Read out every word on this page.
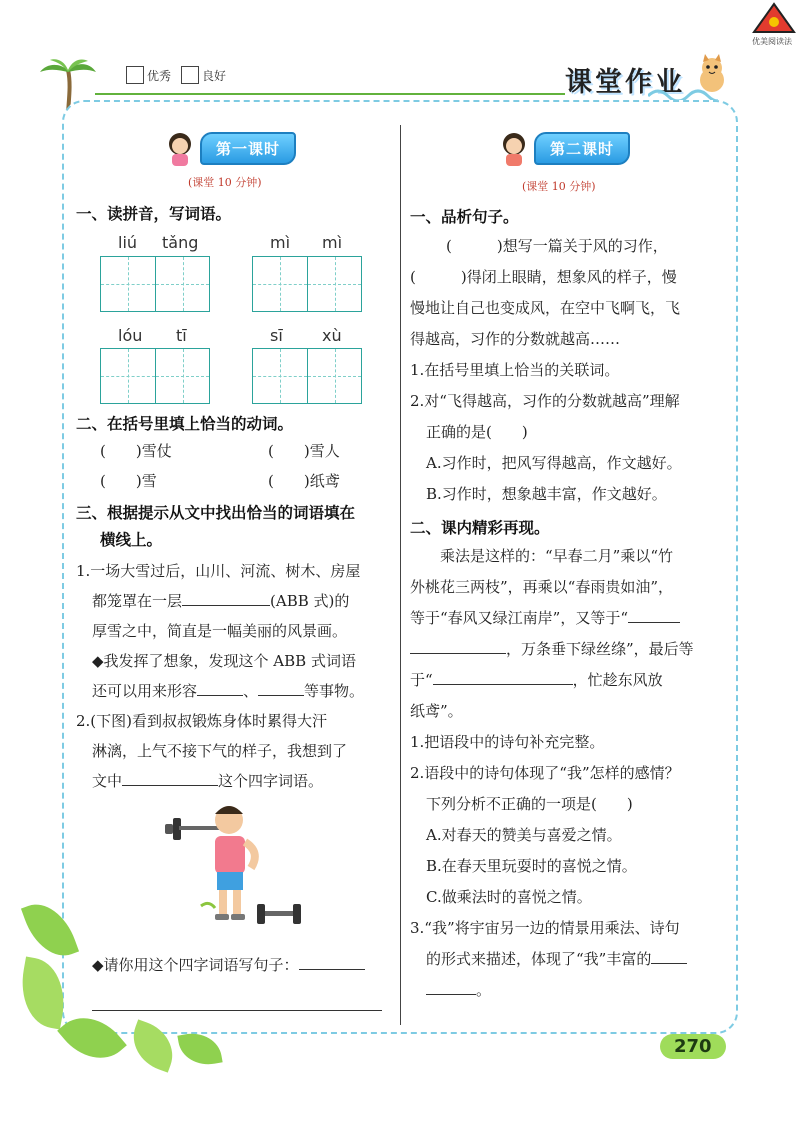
优秀	良好	课堂作业
优美阅读法
第一课时
(课堂 10 分钟)
一、读拼音，写词语。
liú tǎng	mì mì
lóu tī	sī xù
二、在括号里填上恰当的动词。
(　　)雪仗	(　　)雪人
(　　)雪	(　　)纸鸢
三、根据提示从文中找出恰当的词语填在
横线上。
1.一场大雪过后，山川、河流、树木、房屋
都笼罩在一层	(ABB 式)的
厚雪之中，简直是一幅美丽的风景画。
◆我发挥了想象，发现这个 ABB 式词语
还可以用来形容	、	等事物。
2.(下图)看到叔叔锻炼身体时累得大汗
淋漓，上气不接下气的样子，我想到了
文中	这个四字词语。
◆请你用这个四字词语写句子：
第二课时
(课堂 10 分钟)
一、品析句子。
(　　　)想写一篇关于风的习作，
(　　　)得闭上眼睛，想象风的样子，慢
慢地让自己也变成风，在空中飞啊飞，飞
得越高，习作的分数就越高……
1.在括号里填上恰当的关联词。
2.对“飞得越高，习作的分数就越高”理解
正确的是(　　)
A.习作时，把风写得越高，作文越好。
B.习作时，想象越丰富，作文越好。
二、课内精彩再现。
乘法是这样的：“早春二月”乘以“竹
外桃花三两枝”，再乘以“春雨贵如油”，
等于“春风又绿江南岸”，又等于“
，万条垂下绿丝绦”，最后等
于“	，忙趁东风放
纸鸢”。
1.把语段中的诗句补充完整。
2.语段中的诗句体现了“我”怎样的感情？
下列分析不正确的一项是(　　)
A.对春天的赞美与喜爱之情。
B.在春天里玩耍时的喜悦之情。
C.做乘法时的喜悦之情。
3.“我”将宇宙另一边的情景用乘法、诗句
的形式来描述，体现了“我”丰富的
。
270
